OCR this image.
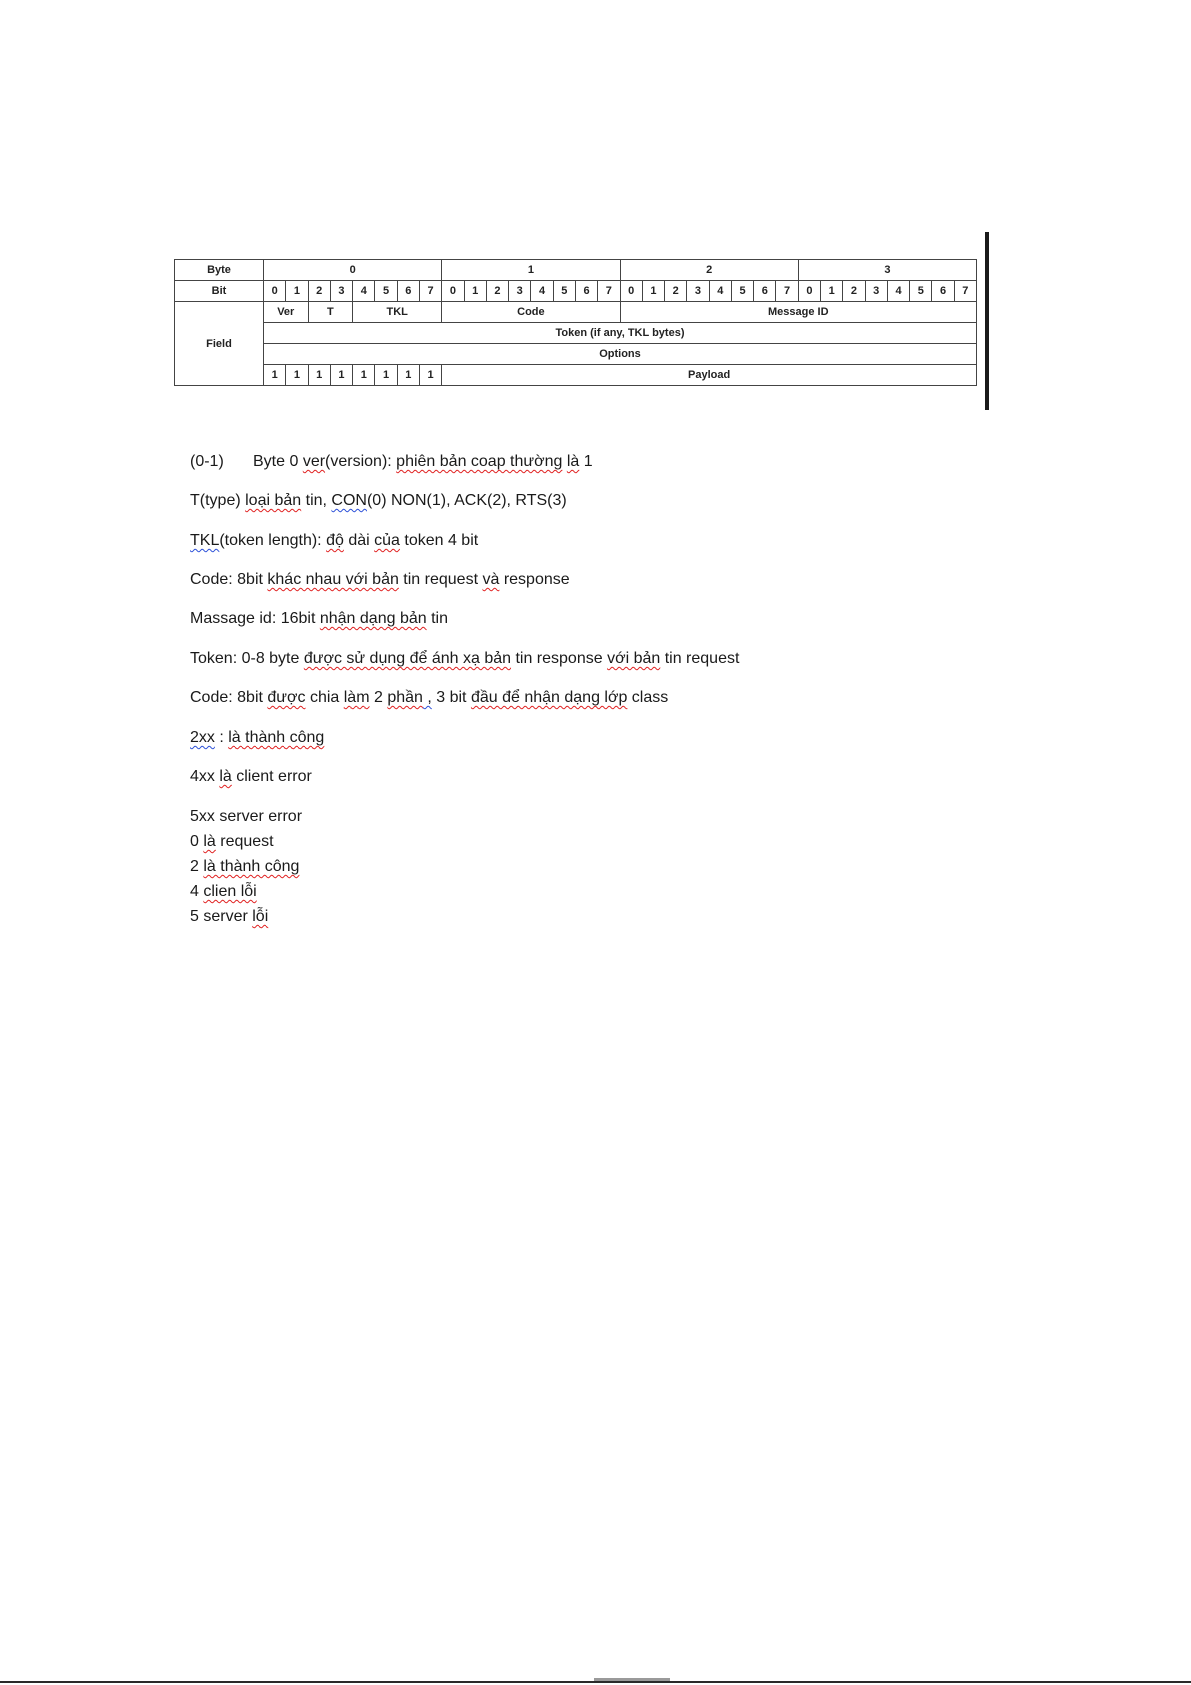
Byte	0								1								2								3							
Bit	0	1	2	3	4	5	6	7	0	1	2	3	4	5	6	7	0	1	2	3	4	5	6	7	0	1	2	3	4	5	6	7
Field	Ver		T		TKL				Code								Message ID															
	Token (if any, TKL bytes)																															
	Options																															
	1	1	1	1	1	1	1	1	Payload																							
(0-1) Byte 0 ver(version): phiên bản coap thường là 1
T(type) loại bản tin, CON(0) NON(1), ACK(2), RTS(3)
TKL(token length): độ dài của token 4 bit
Code: 8bit khác nhau với bản tin request và response
Massage id: 16bit nhận dạng bản tin
Token: 0-8 byte được sử dụng để ánh xạ bản tin response với bản tin request
Code: 8bit được chia làm 2 phần , 3 bit đầu để nhận dạng lớp class
2xx : là thành công
4xx là client error
5xx server error
0 là request
2 là thành công
4 clien lỗi
5 server lỗi
